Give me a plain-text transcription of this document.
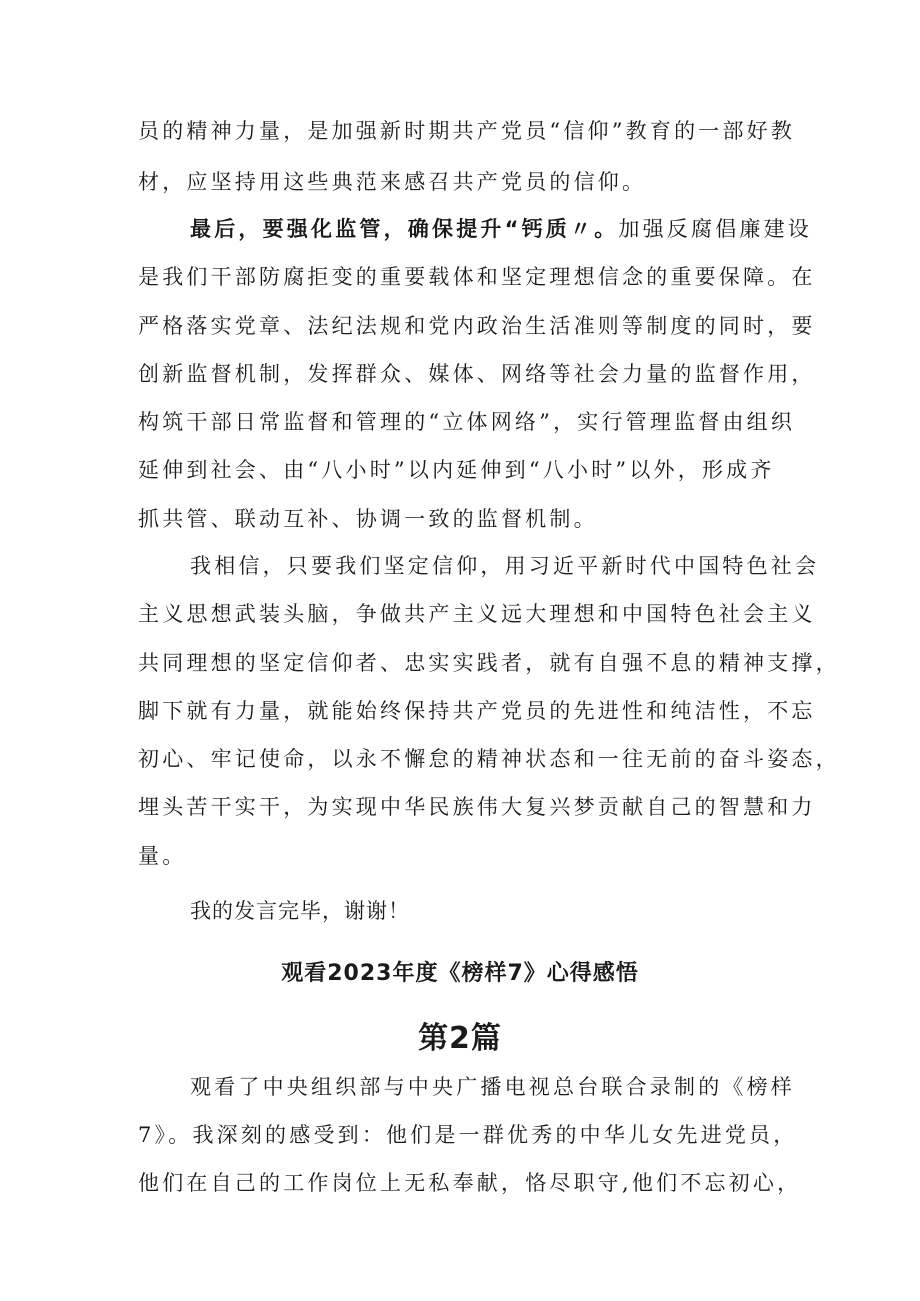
员的精神力量，是加强新时期共产党员“信仰”教育的一部好教
材，应坚持用这些典范来感召共产党员的信仰。
最后，要强化监管，确保提升“钙质〃。加强反腐倡廉建设
是我们干部防腐拒变的重要载体和坚定理想信念的重要保障。在
严格落实党章、法纪法规和党内政治生活准则等制度的同时，要
创新监督机制，发挥群众、媒体、网络等社会力量的监督作用，
构筑干部日常监督和管理的“立体网络”，实行管理监督由组织
延伸到社会、由“八小时”以内延伸到“八小时”以外，形成齐
抓共管、联动互补、协调一致的监督机制。
我相信，只要我们坚定信仰，用习近平新时代中国特色社会
主义思想武装头脑，争做共产主义远大理想和中国特色社会主义
共同理想的坚定信仰者、忠实实践者，就有自强不息的精神支撑，
脚下就有力量，就能始终保持共产党员的先进性和纯洁性，不忘
初心、牢记使命，以永不懈怠的精神状态和一往无前的奋斗姿态，
埋头苦干实干，为实现中华民族伟大复兴梦贡献自己的智慧和力
量。
我的发言完毕，谢谢！
观看2023年度《榜样7》心得感悟
第2篇
观看了中央组织部与中央广播电视总台联合录制的《榜样
7》。我深刻的感受到：他们是一群优秀的中华儿女先进党员，
他们在自己的工作岗位上无私奉献，恪尽职守,他们不忘初心，
